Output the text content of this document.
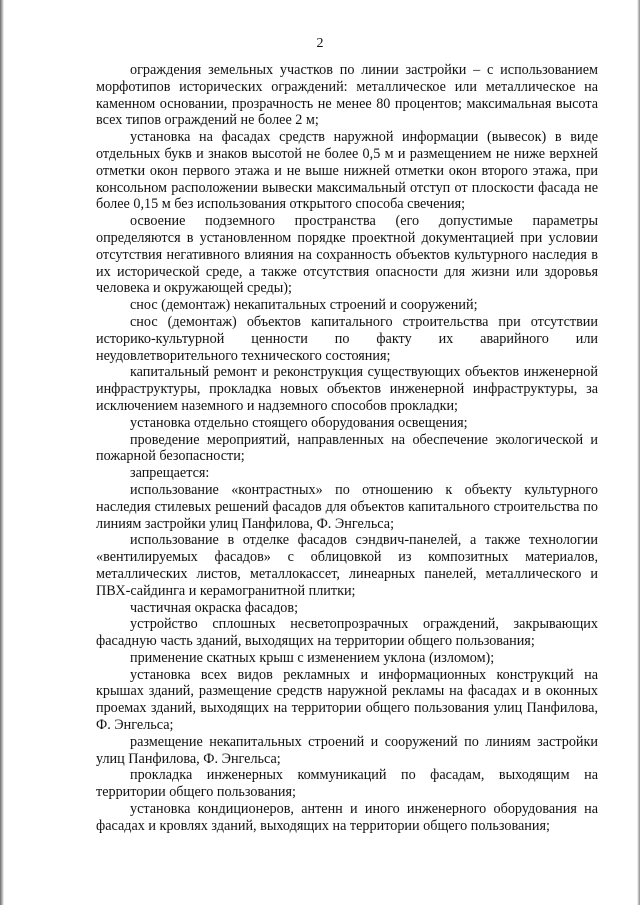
2

ограждения земельных участков по линии застройки – с использованием морфотипов исторических ограждений: металлическое или металлическое на каменном основании, прозрачность не менее 80 процентов; максимальная высота всех типов ограждений не более 2 м;

установка на фасадах средств наружной информации (вывесок) в виде отдельных букв и знаков высотой не более 0,5 м и размещением не ниже верхней отметки окон первого этажа и не выше нижней отметки окон второго этажа, при консольном расположении вывески максимальный отступ от плоскости фасада не более 0,15 м без использования открытого способа свечения;

освоение подземного пространства (его допустимые параметры определяются в установленном порядке проектной документацией при условии отсутствия негативного влияния на сохранность объектов культурного наследия в их исторической среде, а также отсутствия опасности для жизни или здоровья человека и окружающей среды);

снос (демонтаж) некапитальных строений и сооружений;

снос (демонтаж) объектов капитального строительства при отсутствии историко-культурной ценности по факту их аварийного или неудовлетворительного технического состояния;

капитальный ремонт и реконструкция существующих объектов инженерной инфраструктуры, прокладка новых объектов инженерной инфраструктуры, за исключением наземного и надземного способов прокладки;

установка отдельно стоящего оборудования освещения;

проведение мероприятий, направленных на обеспечение экологической и пожарной безопасности;

запрещается:

использование «контрастных» по отношению к объекту культурного наследия стилевых решений фасадов для объектов капитального строительства по линиям застройки улиц Панфилова, Ф. Энгельса;

использование в отделке фасадов сэндвич-панелей, а также технологии «вентилируемых фасадов» с облицовкой из композитных материалов, металлических листов, металлокассет, линеарных панелей, металлического и ПВХ-сайдинга и керамогранитной плитки;

частичная окраска фасадов;

устройство сплошных несветопрозрачных ограждений, закрывающих фасадную часть зданий, выходящих на территории общего пользования;

применение скатных крыш с изменением уклона (изломом);

установка всех видов рекламных и информационных конструкций на крышах зданий, размещение средств наружной рекламы на фасадах и в оконных проемах зданий, выходящих на территории общего пользования улиц Панфилова, Ф. Энгельса;

размещение некапитальных строений и сооружений по линиям застройки улиц Панфилова, Ф. Энгельса;

прокладка инженерных коммуникаций по фасадам, выходящим на территории общего пользования;

установка кондиционеров, антенн и иного инженерного оборудования на фасадах и кровлях зданий, выходящих на территории общего пользования;
